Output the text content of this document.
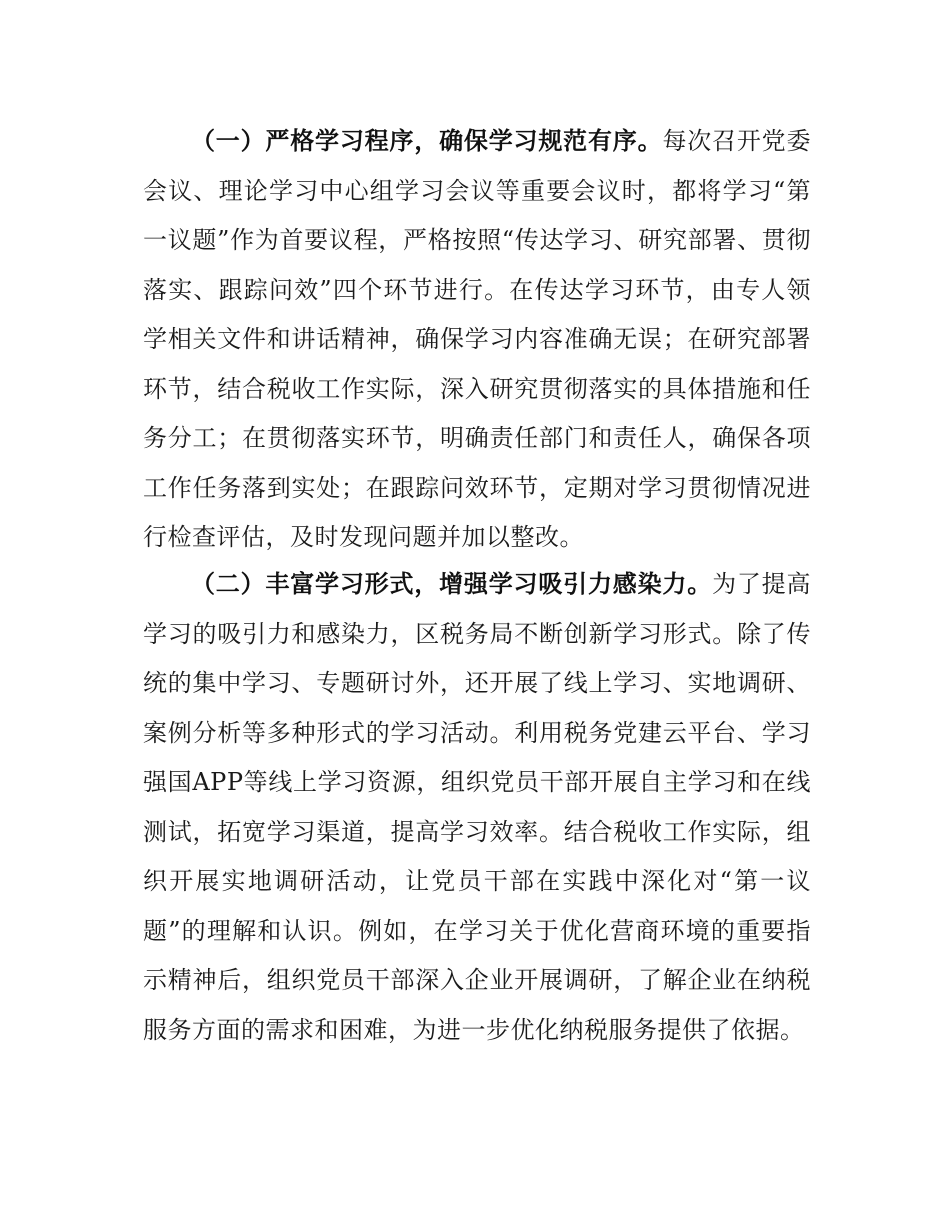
（一）严格学习程序，确保学习规范有序。每次召开党委会议、理论学习中心组学习会议等重要会议时，都将学习“第一议题”作为首要议程，严格按照“传达学习、研究部署、贯彻落实、跟踪问效”四个环节进行。在传达学习环节，由专人领学相关文件和讲话精神，确保学习内容准确无误；在研究部署环节，结合税收工作实际，深入研究贯彻落实的具体措施和任务分工；在贯彻落实环节，明确责任部门和责任人，确保各项工作任务落到实处；在跟踪问效环节，定期对学习贯彻情况进行检查评估，及时发现问题并加以整改。

（二）丰富学习形式，增强学习吸引力感染力。为了提高学习的吸引力和感染力，区税务局不断创新学习形式。除了传统的集中学习、专题研讨外，还开展了线上学习、实地调研、案例分析等多种形式的学习活动。利用税务党建云平台、学习强国APP等线上学习资源，组织党员干部开展自主学习和在线测试，拓宽学习渠道，提高学习效率。结合税收工作实际，组织开展实地调研活动，让党员干部在实践中深化对“第一议题”的理解和认识。例如，在学习关于优化营商环境的重要指示精神后，组织党员干部深入企业开展调研，了解企业在纳税服务方面的需求和困难，为进一步优化纳税服务提供了依据。
